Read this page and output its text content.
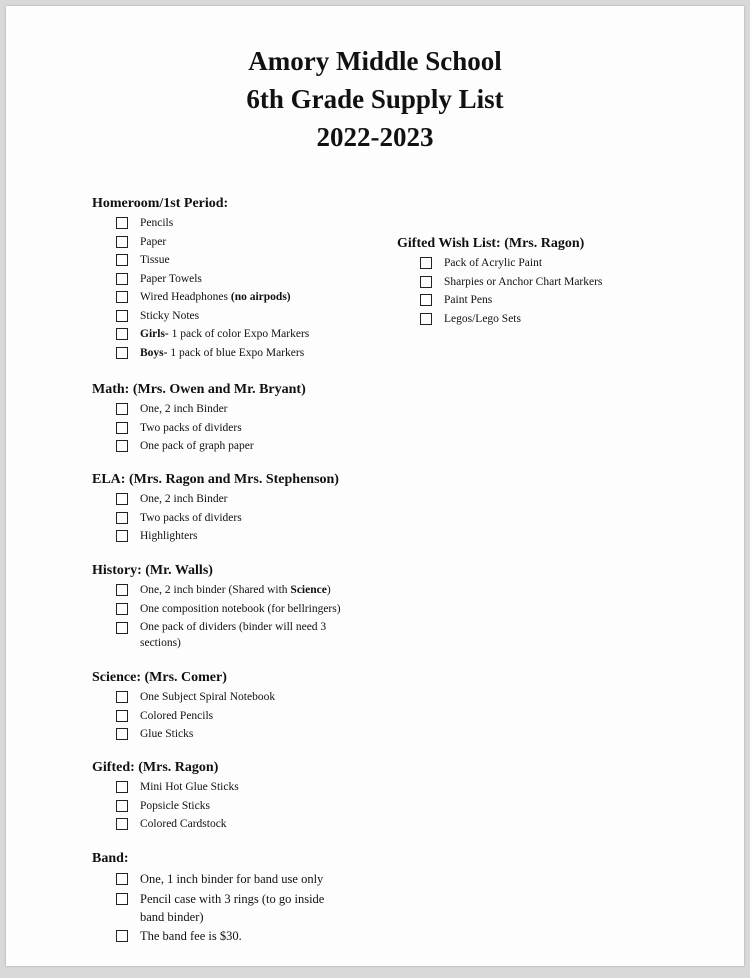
Amory Middle School
6th Grade Supply List
2022-2023
Homeroom/1st Period:
Pencils
Paper
Tissue
Paper Towels
Wired Headphones (no airpods)
Sticky Notes
Girls- 1 pack of color Expo Markers
Boys- 1 pack of blue Expo Markers
Math: (Mrs. Owen and Mr. Bryant)
One, 2 inch Binder
Two packs of dividers
One pack of graph paper
ELA: (Mrs. Ragon and Mrs. Stephenson)
One, 2 inch Binder
Two packs of dividers
Highlighters
History: (Mr. Walls)
One, 2 inch binder (Shared with Science)
One composition notebook (for bellringers)
One pack of dividers (binder will need 3 sections)
Science: (Mrs. Comer)
One Subject Spiral Notebook
Colored Pencils
Glue Sticks
Gifted: (Mrs. Ragon)
Mini Hot Glue Sticks
Popsicle Sticks
Colored Cardstock
Band:
One, 1 inch binder for band use only
Pencil case with 3 rings (to go inside band binder)
The band fee is $30.
Gifted Wish List: (Mrs. Ragon)
Pack of Acrylic Paint
Sharpies or Anchor Chart Markers
Paint Pens
Legos/Lego Sets
